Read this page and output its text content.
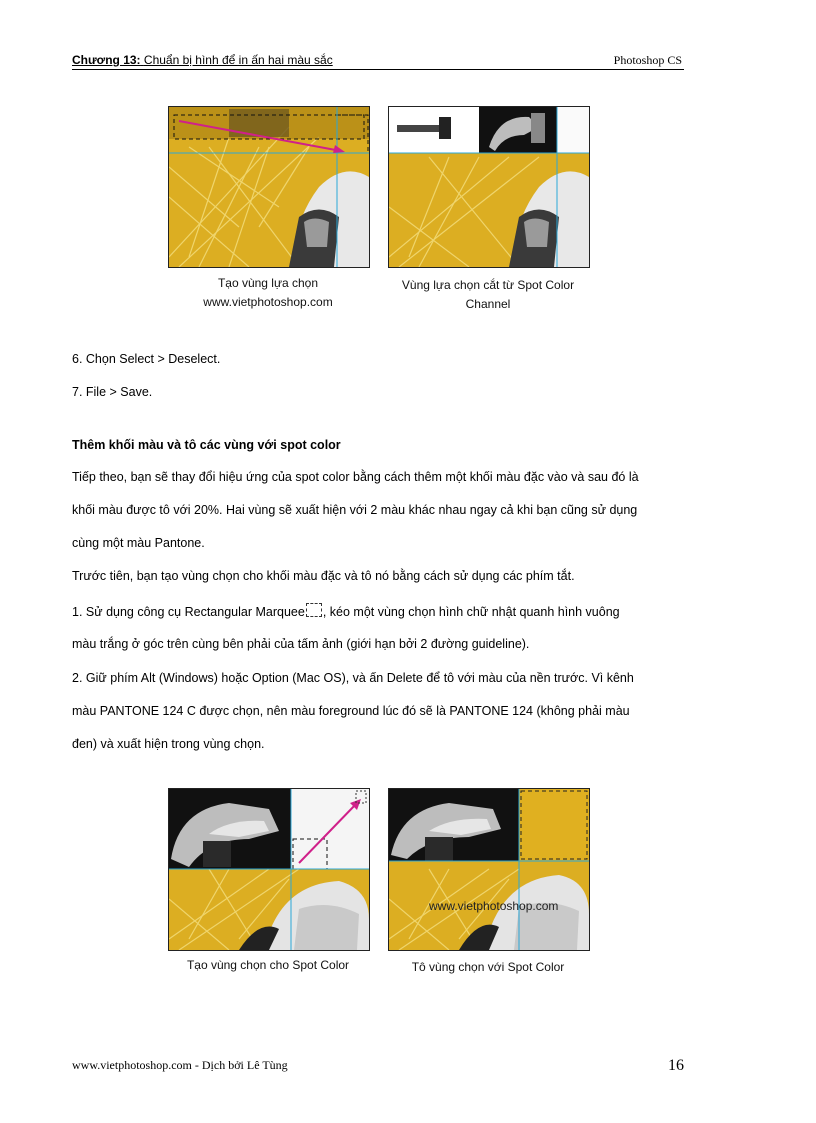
Chương 13: Chuẩn bị hình để in ấn hai màu sắc	Photoshop CS
Tạo vùng lựa chọn
www.vietphotoshop.com
Vùng lựa chọn cắt từ Spot Color
Channel
6. Chọn Select > Deselect.
7. File > Save.
Thêm khối màu và tô các vùng với spot color
Tiếp theo, bạn sẽ thay đổi hiệu ứng của spot color bằng cách thêm một khối màu đặc vào và sau đó là
khối màu được tô với 20%. Hai vùng sẽ xuất hiện với 2 màu khác nhau ngay cả khi bạn cũng sử dụng
cùng một màu Pantone.
Trước tiên, bạn tạo vùng chọn cho khối màu đặc và tô nó bằng cách sử dụng các phím tắt.
1. Sử dụng công cụ Rectangular Marquee , kéo một vùng chọn hình chữ nhật quanh hình vuông
màu trắng ở góc trên cùng bên phải của tấm ảnh (giới hạn bởi 2 đường guideline).
2. Giữ phím Alt (Windows) hoặc Option (Mac OS), và ấn Delete để tô với màu của nền trước. Vì kênh
màu PANTONE 124 C được chọn, nên màu foreground lúc đó sẽ là PANTONE 124 (không phải màu
đen) và xuất hiện trong vùng chọn.
Tạo vùng chọn cho Spot Color
www.vietphotoshop.com
Tô vùng chọn với Spot Color
www.vietphotoshop.com - Dịch bởi Lê Tùng	16
